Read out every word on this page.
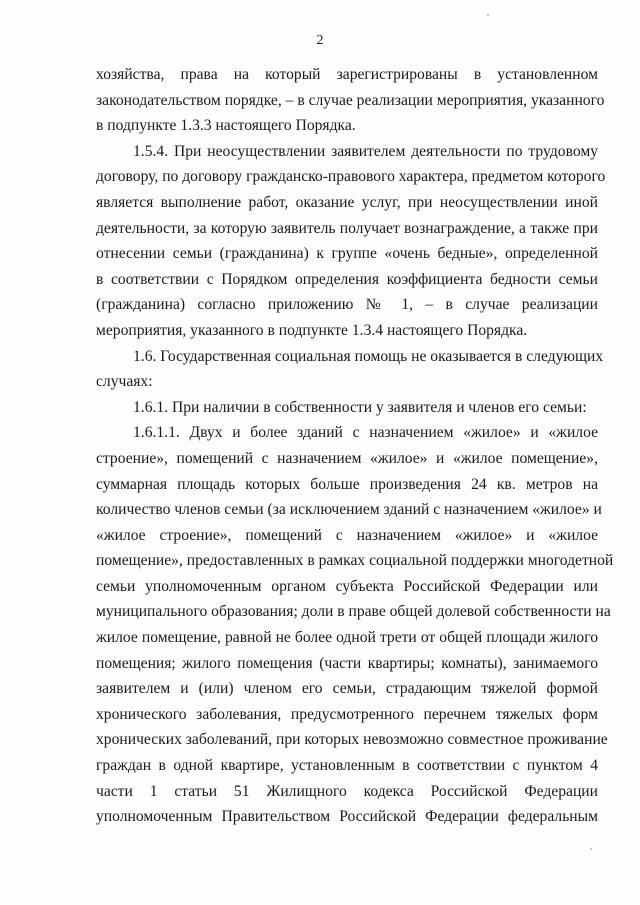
2
хозяйства, права на который зарегистрированы в установленном
законодательством порядке, – в случае реализации мероприятия, указанного
в подпункте 1.3.3 настоящего Порядка.
1.5.4. При неосуществлении заявителем деятельности по трудовому
договору, по договору гражданско-правового характера, предметом которого
является выполнение работ, оказание услуг, при неосуществлении иной
деятельности, за которую заявитель получает вознаграждение, а также при
отнесении семьи (гражданина) к группе «очень бедные», определенной
в соответствии с Порядком определения коэффициента бедности семьи
(гражданина) согласно приложению № 1, – в случае реализации
мероприятия, указанного в подпункте 1.3.4 настоящего Порядка.
1.6. Государственная социальная помощь не оказывается в следующих
случаях:
1.6.1. При наличии в собственности у заявителя и членов его семьи:
1.6.1.1. Двух и более зданий с назначением «жилое» и «жилое
строение», помещений с назначением «жилое» и «жилое помещение»,
суммарная площадь которых больше произведения 24 кв. метров на
количество членов семьи (за исключением зданий с назначением «жилое» и
«жилое строение», помещений с назначением «жилое» и «жилое
помещение», предоставленных в рамках социальной поддержки многодетной
семьи уполномоченным органом субъекта Российской Федерации или
муниципального образования; доли в праве общей долевой собственности на
жилое помещение, равной не более одной трети от общей площади жилого
помещения; жилого помещения (части квартиры; комнаты), занимаемого
заявителем и (или) членом его семьи, страдающим тяжелой формой
хронического заболевания, предусмотренного перечнем тяжелых форм
хронических заболеваний, при которых невозможно совместное проживание
граждан в одной квартире, установленным в соответствии с пунктом 4
части 1 статьи 51 Жилищного кодекса Российской Федерации
уполномоченным Правительством Российской Федерации федеральным
